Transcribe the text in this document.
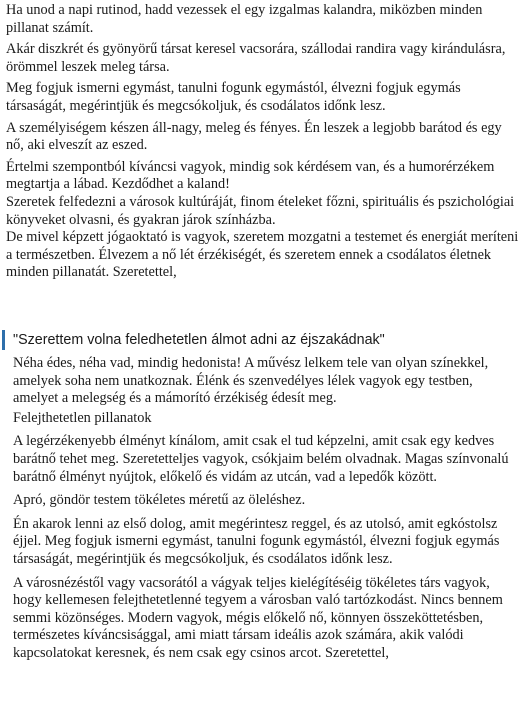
Ha unod a napi rutinod, hadd vezessek el egy izgalmas kalandra, miközben minden pillanat számít.

Akár diszkrét és gyönyörű társat keresel vacsorára, szállodai randira vagy kirándulásra, örömmel leszek meleg társa.

Meg fogjuk ismerni egymást, tanulni fogunk egymástól, élvezni fogjuk egymás társaságát, megérintjük és megcsókoljuk, és csodálatos időnk lesz.

A személyiségem készen áll-nagy, meleg és fényes. Én leszek a legjobb barátod és egy nő, aki elveszít az eszed.

Értelmi szempontból kíváncsi vagyok, mindig sok kérdésem van, és a humorérzékem megtartja a lábad. Kezdődhet a kaland!

Szeretek felfedezni a városok kultúráját, finom ételeket főzni, spirituális és pszichológiai könyveket olvasni, és gyakran járok színházba.

De mivel képzett jógaoktató is vagyok, szeretem mozgatni a testemet és energiát meríteni a természetben. Élvezem a nő lét érzékiségét, és szeretem ennek a csodálatos életnek minden pillanatát. Szeretettel,

"Szerettem volna feledhetetlen álmot adni az éjszakádnak"

Néha édes, néha vad, mindig hedonista! A művész lelkem tele van olyan színekkel, amelyek soha nem unatkoznak. Élénk és szenvedélyes lélek vagyok egy testben, amelyet a melegség és a mámorító érzékiség édesít meg.

Felejthetetlen pillanatok

A legérzékenyebb élményt kínálom, amit csak el tud képzelni, amit csak egy kedves barátnő tehet meg. Szeretetteljes vagyok, csókjaim belém olvadnak. Magas színvonalú barátnő élményt nyújtok, előkelő és vidám az utcán, vad a lepedők között.

Apró, göndör testem tökéletes méretű az öleléshez.

Én akarok lenni az első dolog, amit megérintesz reggel, és az utolsó, amit egkóstolsz éjjel. Meg fogjuk ismerni egymást, tanulni fogunk egymástól, élvezni fogjuk egymás társaságát, megérintjük és megcsókoljuk, és csodálatos időnk lesz.

A városnézéstől vagy vacsorától a vágyak teljes kielégítéséig tökéletes társ vagyok, hogy kellemesen felejthetetlenné tegyem a városban való tartózkodást. Nincs bennem semmi közönséges. Modern vagyok, mégis előkelő nő, könnyen összeköttetésben, természetes kíváncsisággal, ami miatt társam ideális azok számára, akik valódi kapcsolatokat keresnek, és nem csak egy csinos arcot. Szeretettel,
